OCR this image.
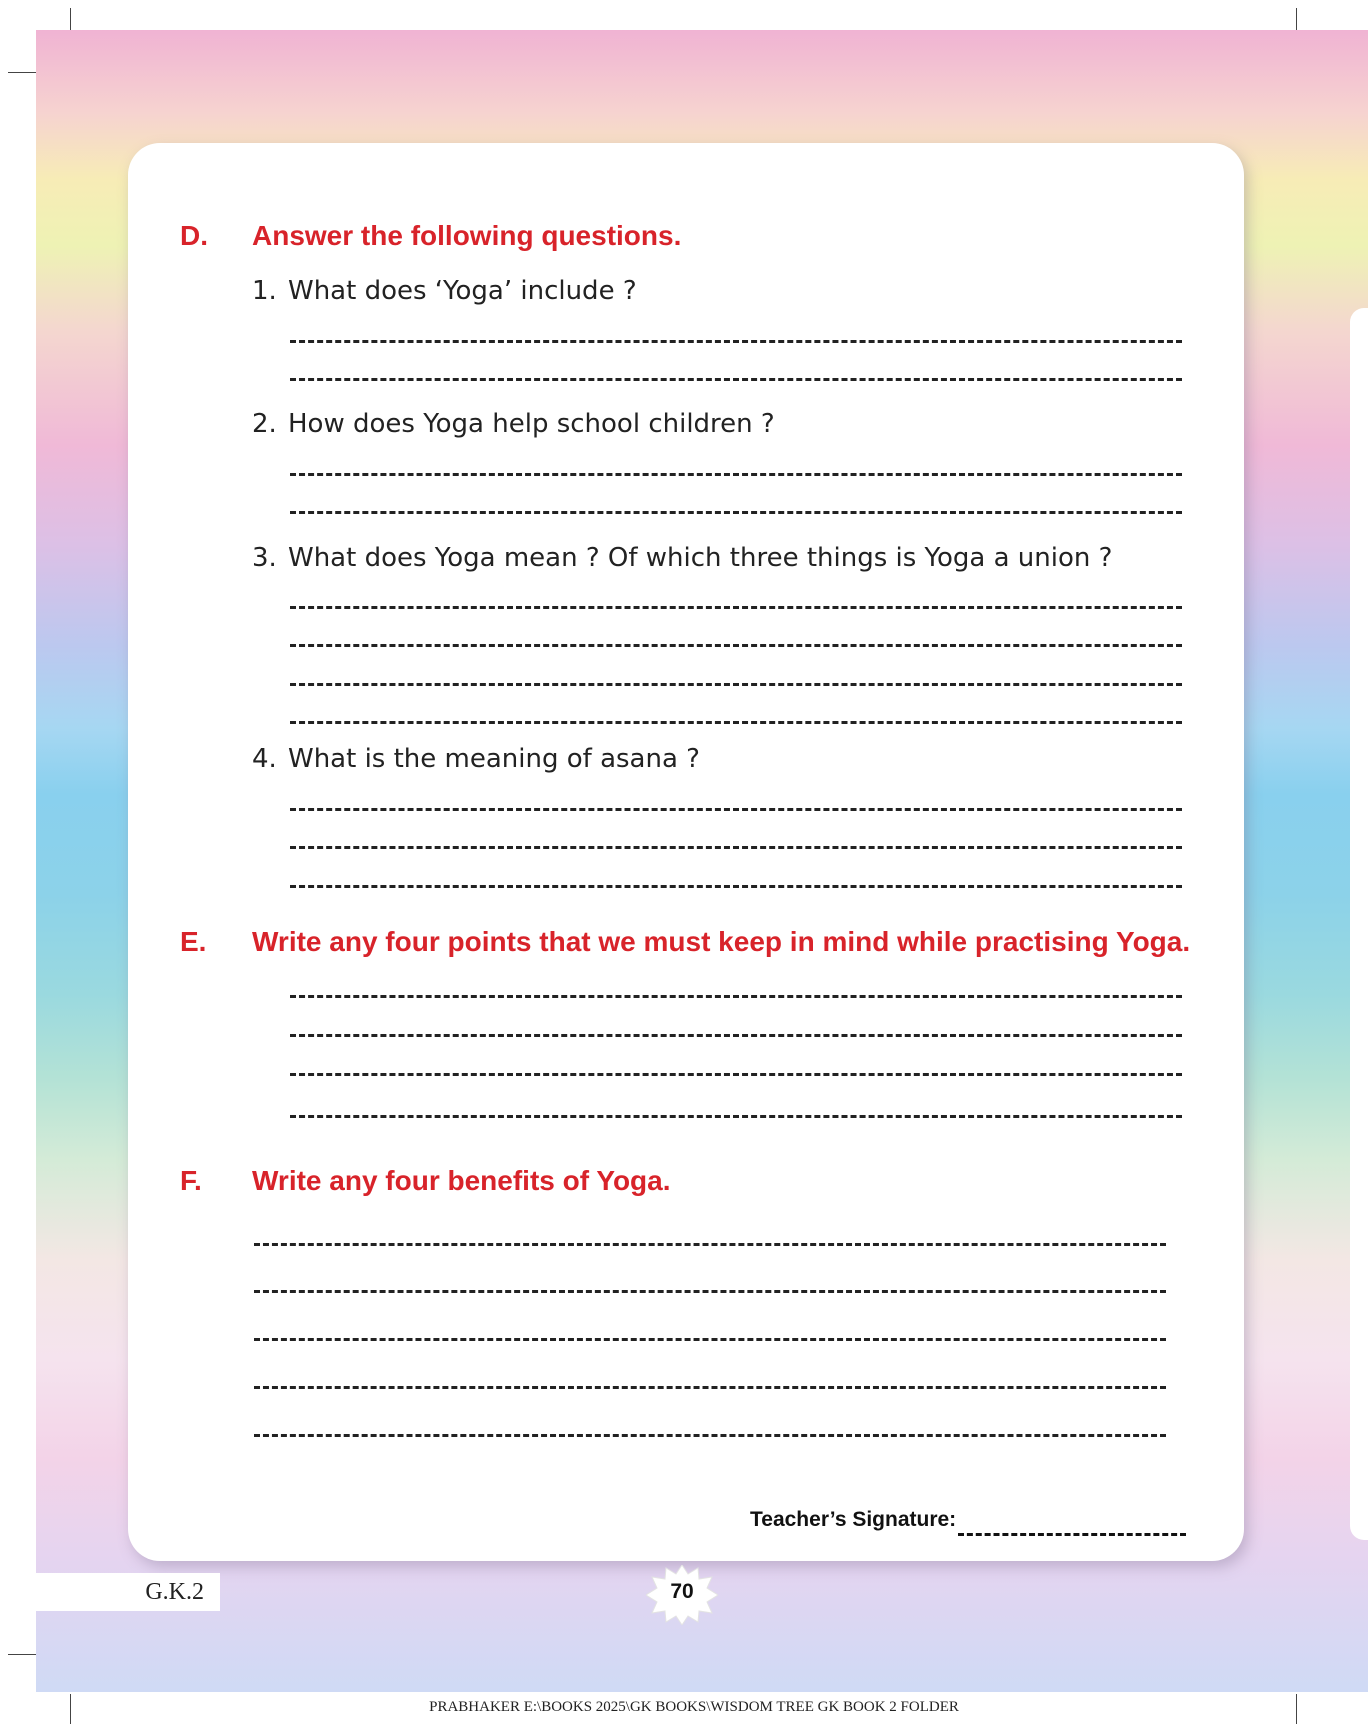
D. Answer the following questions.
1. What does ‘Yoga’ include ?
2. How does Yoga help school children ?
3. What does Yoga mean ? Of which three things is Yoga a union ?
4. What is the meaning of asana ?
E. Write any four points that we must keep in mind while practising Yoga.
F. Write any four benefits of Yoga.
Teacher’s Signature:
G.K.2	70
PRABHAKER E:\BOOKS 2025\GK BOOKS\WISDOM TREE GK BOOK 2 FOLDER
